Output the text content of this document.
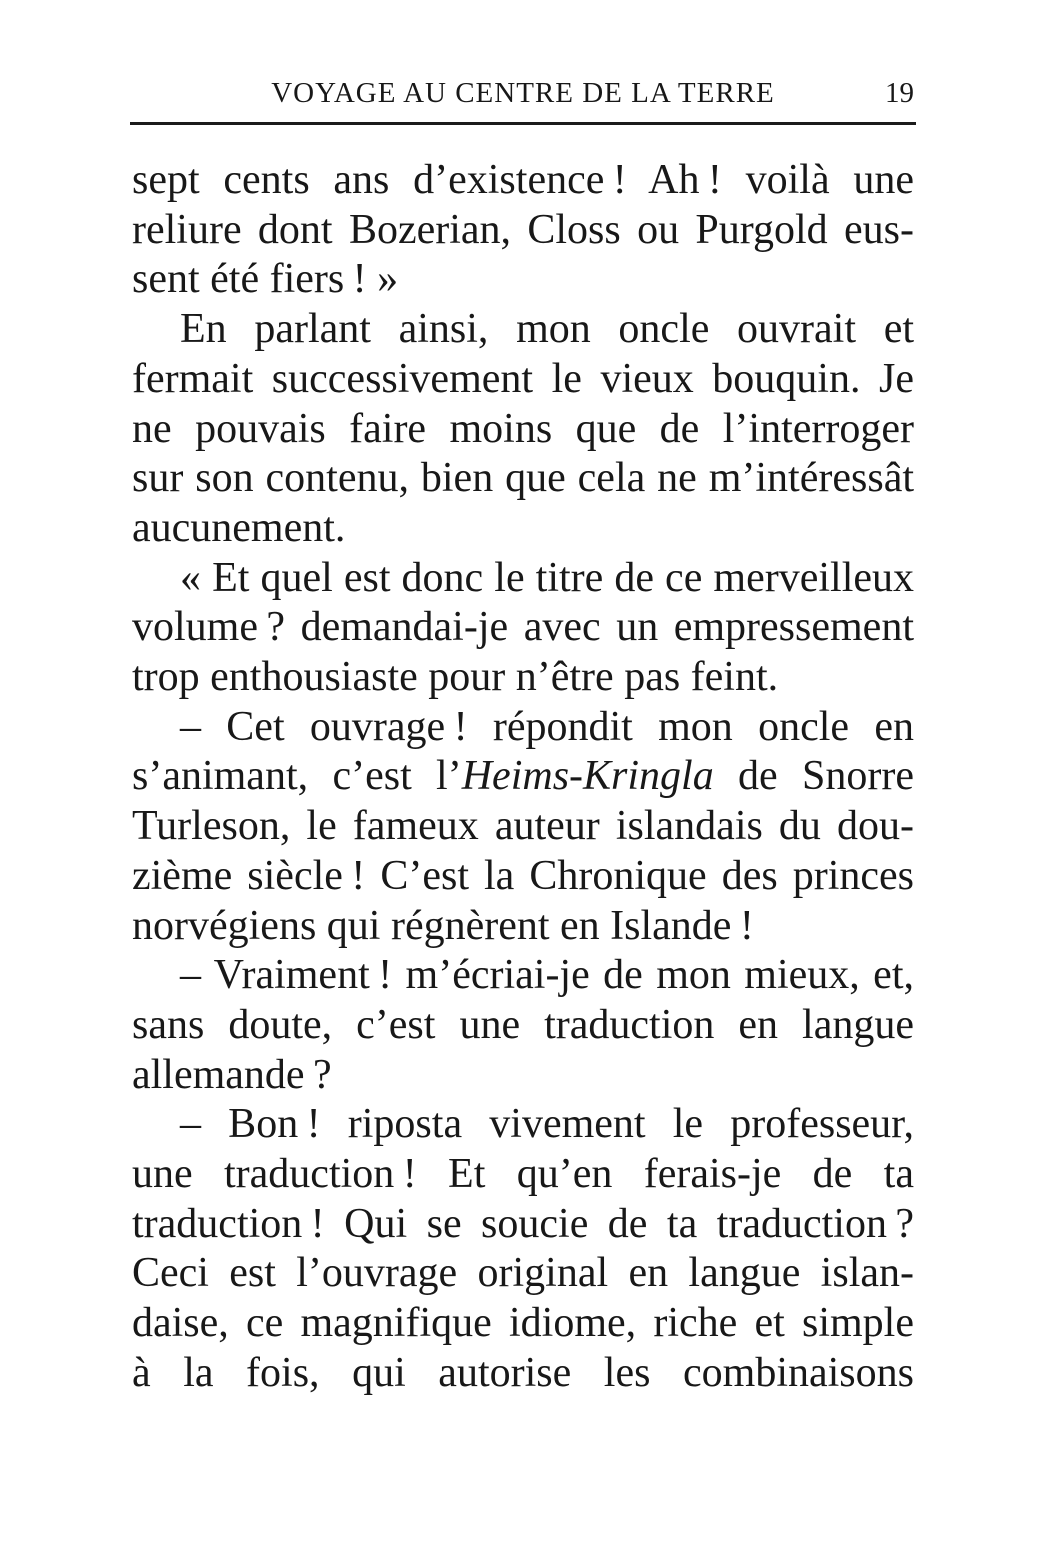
VOYAGE AU CENTRE DE LA TERRE	19
sept cents ans d’existence ! Ah ! voilà une
reliure dont Bozerian, Closs ou Purgold eus-
sent été fiers ! »
En parlant ainsi, mon oncle ouvrait et
fermait successivement le vieux bouquin. Je
ne pouvais faire moins que de l’interroger
sur son contenu, bien que cela ne m’intéressât
aucunement.
« Et quel est donc le titre de ce merveilleux
volume ? demandai-je avec un empressement
trop enthousiaste pour n’être pas feint.
– Cet ouvrage ! répondit mon oncle en
s’animant, c’est l’Heims-Kringla de Snorre
Turleson, le fameux auteur islandais du dou-
zième siècle ! C’est la Chronique des princes
norvégiens qui régnèrent en Islande !
– Vraiment ! m’écriai-je de mon mieux, et,
sans doute, c’est une traduction en langue
allemande ?
– Bon ! riposta vivement le professeur,
une traduction ! Et qu’en ferais-je de ta
traduction ! Qui se soucie de ta traduction ?
Ceci est l’ouvrage original en langue islan-
daise, ce magnifique idiome, riche et simple
à la fois, qui autorise les combinaisons
